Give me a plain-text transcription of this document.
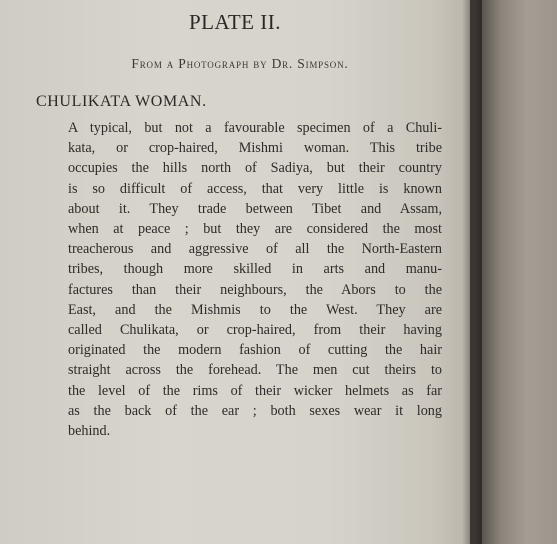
PLATE II.

From a Photograph by Dr. Simpson.

CHULIKATA WOMAN.
A typical, but not a favourable specimen of a Chuli-
kata, or crop-haired, Mishmi woman. This tribe
occupies the hills north of Sadiya, but their country
is so difficult of access, that very little is known
about it. They trade between Tibet and Assam,
when at peace ; but they are considered the most
treacherous and aggressive of all the North-Eastern
tribes, though more skilled in arts and manu-
factures than their neighbours, the Abors to the
East, and the Mishmis to the West. They are
called Chulikata, or crop-haired, from their having
originated the modern fashion of cutting the hair
straight across the forehead. The men cut theirs to
the level of the rims of their wicker helmets as far
as the back of the ear ; both sexes wear it long
behind.
